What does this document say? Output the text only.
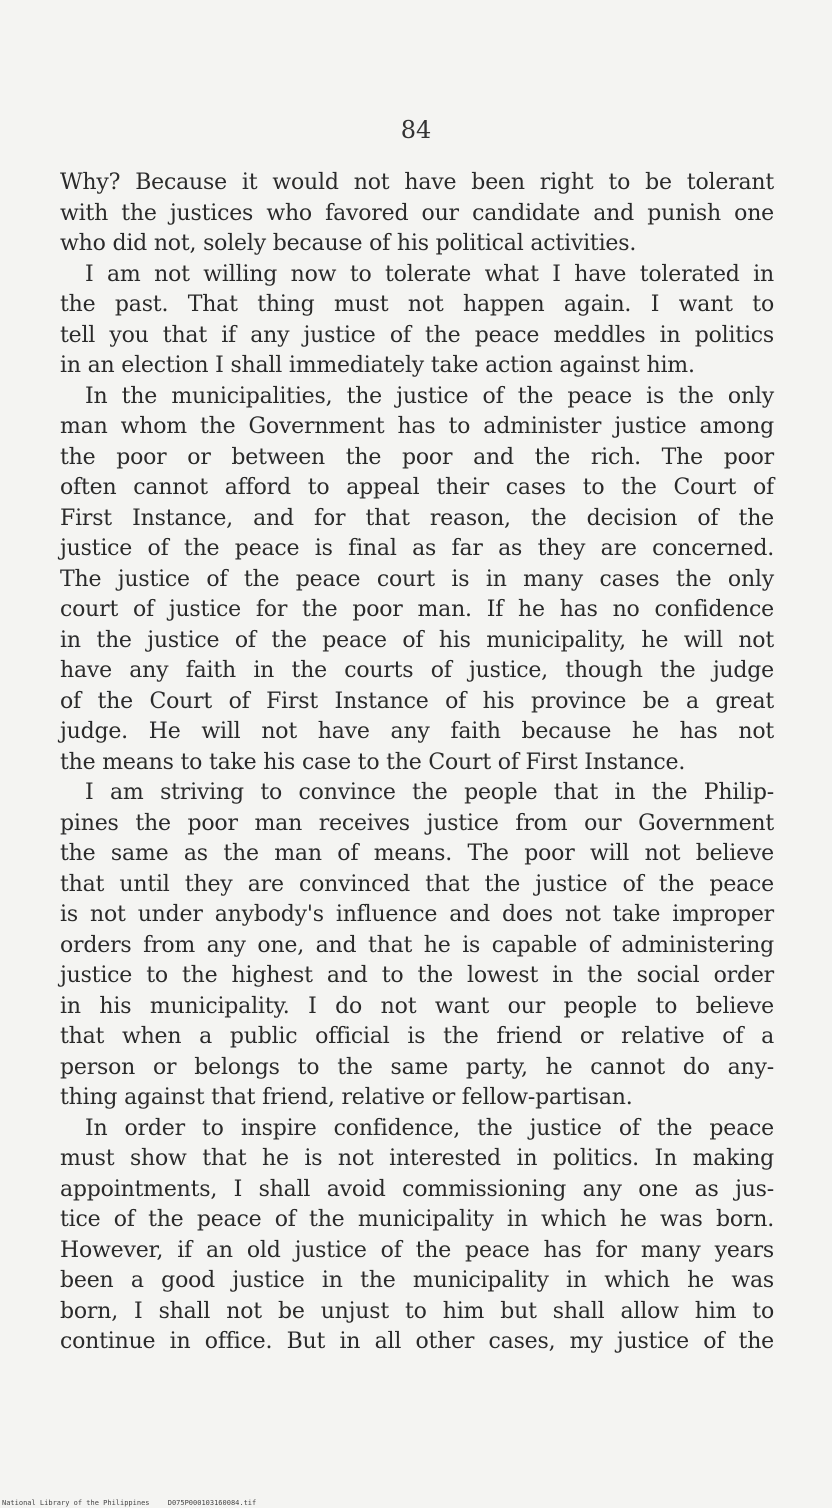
84
Why? Because it would not have been right to be tolerant
with the justices who favored our candidate and punish one
who did not, solely because of his political activities.
I am not willing now to tolerate what I have tolerated in
the past. That thing must not happen again. I want to
tell you that if any justice of the peace meddles in politics
in an election I shall immediately take action against him.
In the municipalities, the justice of the peace is the only
man whom the Government has to administer justice among
the poor or between the poor and the rich. The poor
often cannot afford to appeal their cases to the Court of
First Instance, and for that reason, the decision of the
justice of the peace is final as far as they are concerned.
The justice of the peace court is in many cases the only
court of justice for the poor man. If he has no confidence
in the justice of the peace of his municipality, he will not
have any faith in the courts of justice, though the judge
of the Court of First Instance of his province be a great
judge. He will not have any faith because he has not
the means to take his case to the Court of First Instance.
I am striving to convince the people that in the Philip-
pines the poor man receives justice from our Government
the same as the man of means. The poor will not believe
that until they are convinced that the justice of the peace
is not under anybody's influence and does not take improper
orders from any one, and that he is capable of administering
justice to the highest and to the lowest in the social order
in his municipality. I do not want our people to believe
that when a public official is the friend or relative of a
person or belongs to the same party, he cannot do any-
thing against that friend, relative or fellow-partisan.
In order to inspire confidence, the justice of the peace
must show that he is not interested in politics. In making
appointments, I shall avoid commissioning any one as jus-
tice of the peace of the municipality in which he was born.
However, if an old justice of the peace has for many years
been a good justice in the municipality in which he was
born, I shall not be unjust to him but shall allow him to
continue in office. But in all other cases, my justice of the
National Library of the Philippines	D075P000103160084.tif
